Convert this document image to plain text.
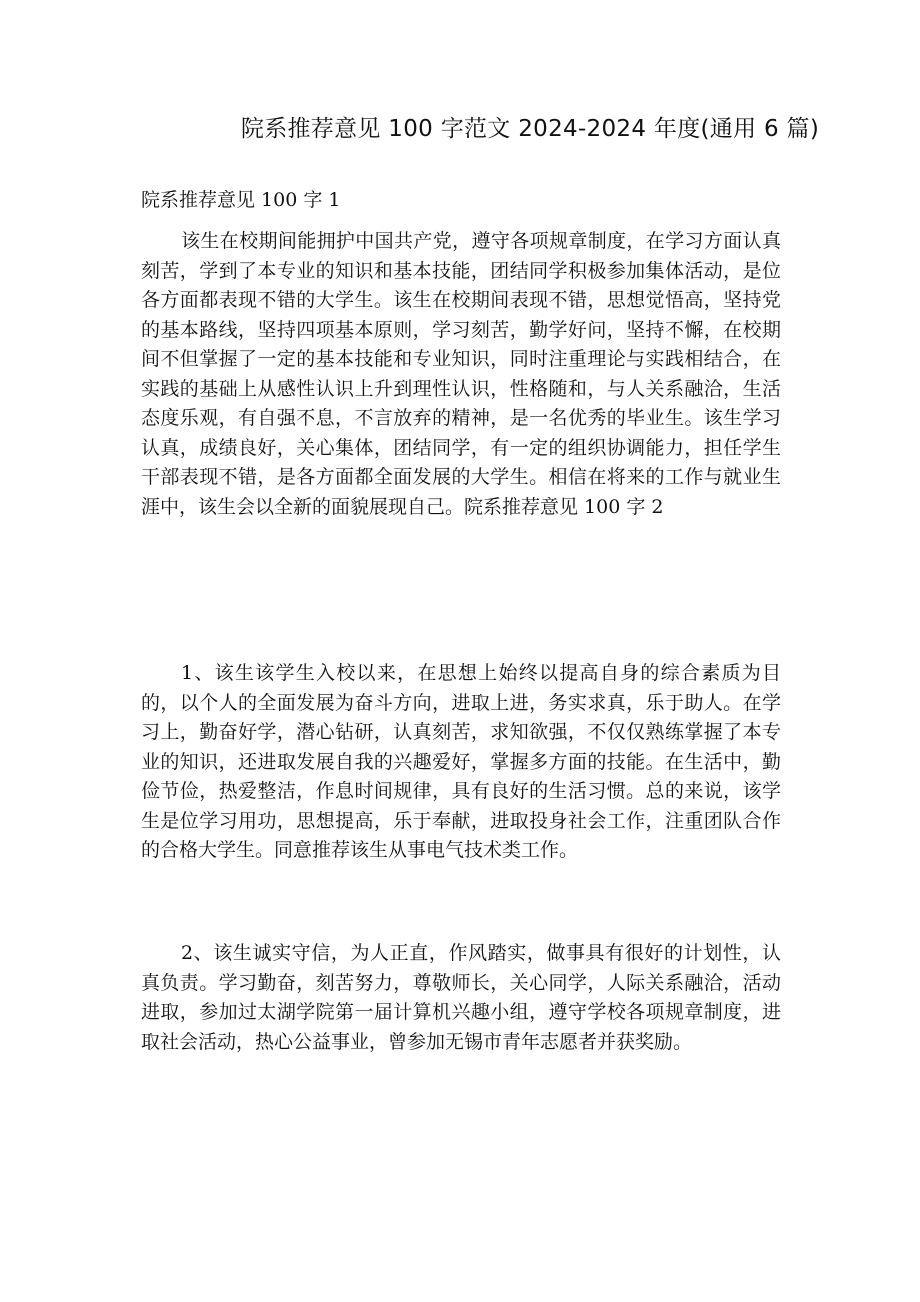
院系推荐意见 100 字范文 2024-2024 年度(通用 6 篇)
院系推荐意见 100 字 1

该生在校期间能拥护中国共产党，遵守各项规章制度，在学习方面认真刻苦，学到了本专业的知识和基本技能，团结同学积极参加集体活动，是位各方面都表现不错的大学生。该生在校期间表现不错，思想觉悟高，坚持党的基本路线，坚持四项基本原则，学习刻苦，勤学好问，坚持不懈，在校期间不但掌握了一定的基本技能和专业知识，同时注重理论与实践相结合，在实践的基础上从感性认识上升到理性认识，性格随和，与人关系融洽，生活态度乐观，有自强不息，不言放弃的精神，是一名优秀的毕业生。该生学习认真，成绩良好，关心集体，团结同学，有一定的组织协调能力，担任学生干部表现不错，是各方面都全面发展的大学生。相信在将来的工作与就业生涯中，该生会以全新的面貌展现自己。院系推荐意见 100 字 2

1、该生该学生入校以来，在思想上始终以提高自身的综合素质为目的，以个人的全面发展为奋斗方向，进取上进，务实求真，乐于助人。在学习上，勤奋好学，潜心钻研，认真刻苦，求知欲强，不仅仅熟练掌握了本专业的知识，还进取发展自我的兴趣爱好，掌握多方面的技能。在生活中，勤俭节俭，热爱整洁，作息时间规律，具有良好的生活习惯。总的来说，该学生是位学习用功，思想提高，乐于奉献，进取投身社会工作，注重团队合作的合格大学生。同意推荐该生从事电气技术类工作。

2、该生诚实守信，为人正直，作风踏实，做事具有很好的计划性，认真负责。学习勤奋，刻苦努力，尊敬师长，关心同学，人际关系融洽，活动进取，参加过太湖学院第一届计算机兴趣小组，遵守学校各项规章制度，进取社会活动，热心公益事业，曾参加无锡市青年志愿者并获奖励。
